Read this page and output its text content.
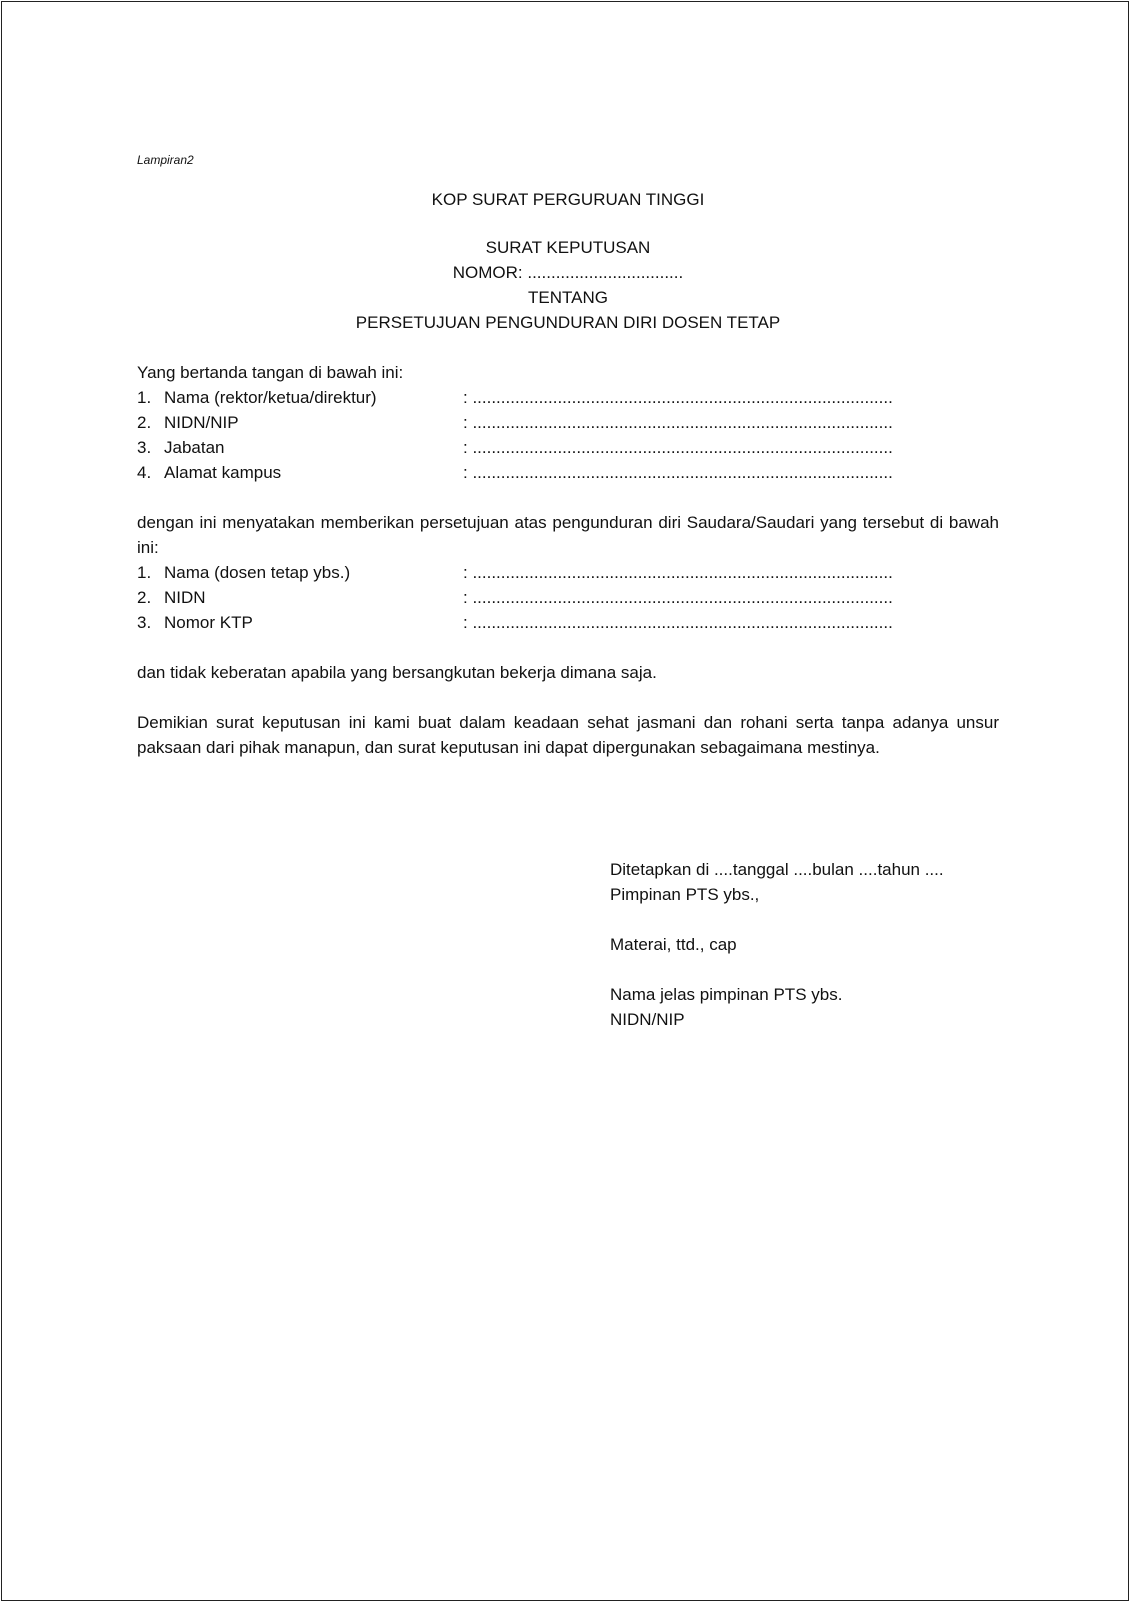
Lampiran2

KOP SURAT PERGURUAN TINGGI

SURAT KEPUTUSAN

NOMOR: .................................

TENTANG

PERSETUJUAN PENGUNDURAN DIRI DOSEN TETAP

Yang bertanda tangan di bawah ini:

1. Nama (rektor/ketua/direktur)	: .........................................................................................
2. NIDN/NIP	: .........................................................................................
3. Jabatan	: .........................................................................................
4. Alamat kampus	: .........................................................................................

dengan ini menyatakan memberikan persetujuan atas pengunduran diri Saudara/Saudari yang tersebut di bawah ini:

1. Nama (dosen tetap ybs.)	: .........................................................................................
2. NIDN	: .........................................................................................
3. Nomor KTP	: .........................................................................................

dan tidak keberatan apabila yang bersangkutan bekerja dimana saja.

Demikian surat keputusan ini kami buat dalam keadaan sehat jasmani dan rohani serta tanpa adanya unsur paksaan dari pihak manapun, dan surat keputusan ini dapat dipergunakan sebagaimana mestinya.

Ditetapkan di ....tanggal ....bulan ....tahun ....

Pimpinan PTS ybs.,

Materai, ttd., cap

Nama jelas pimpinan PTS ybs.

NIDN/NIP
